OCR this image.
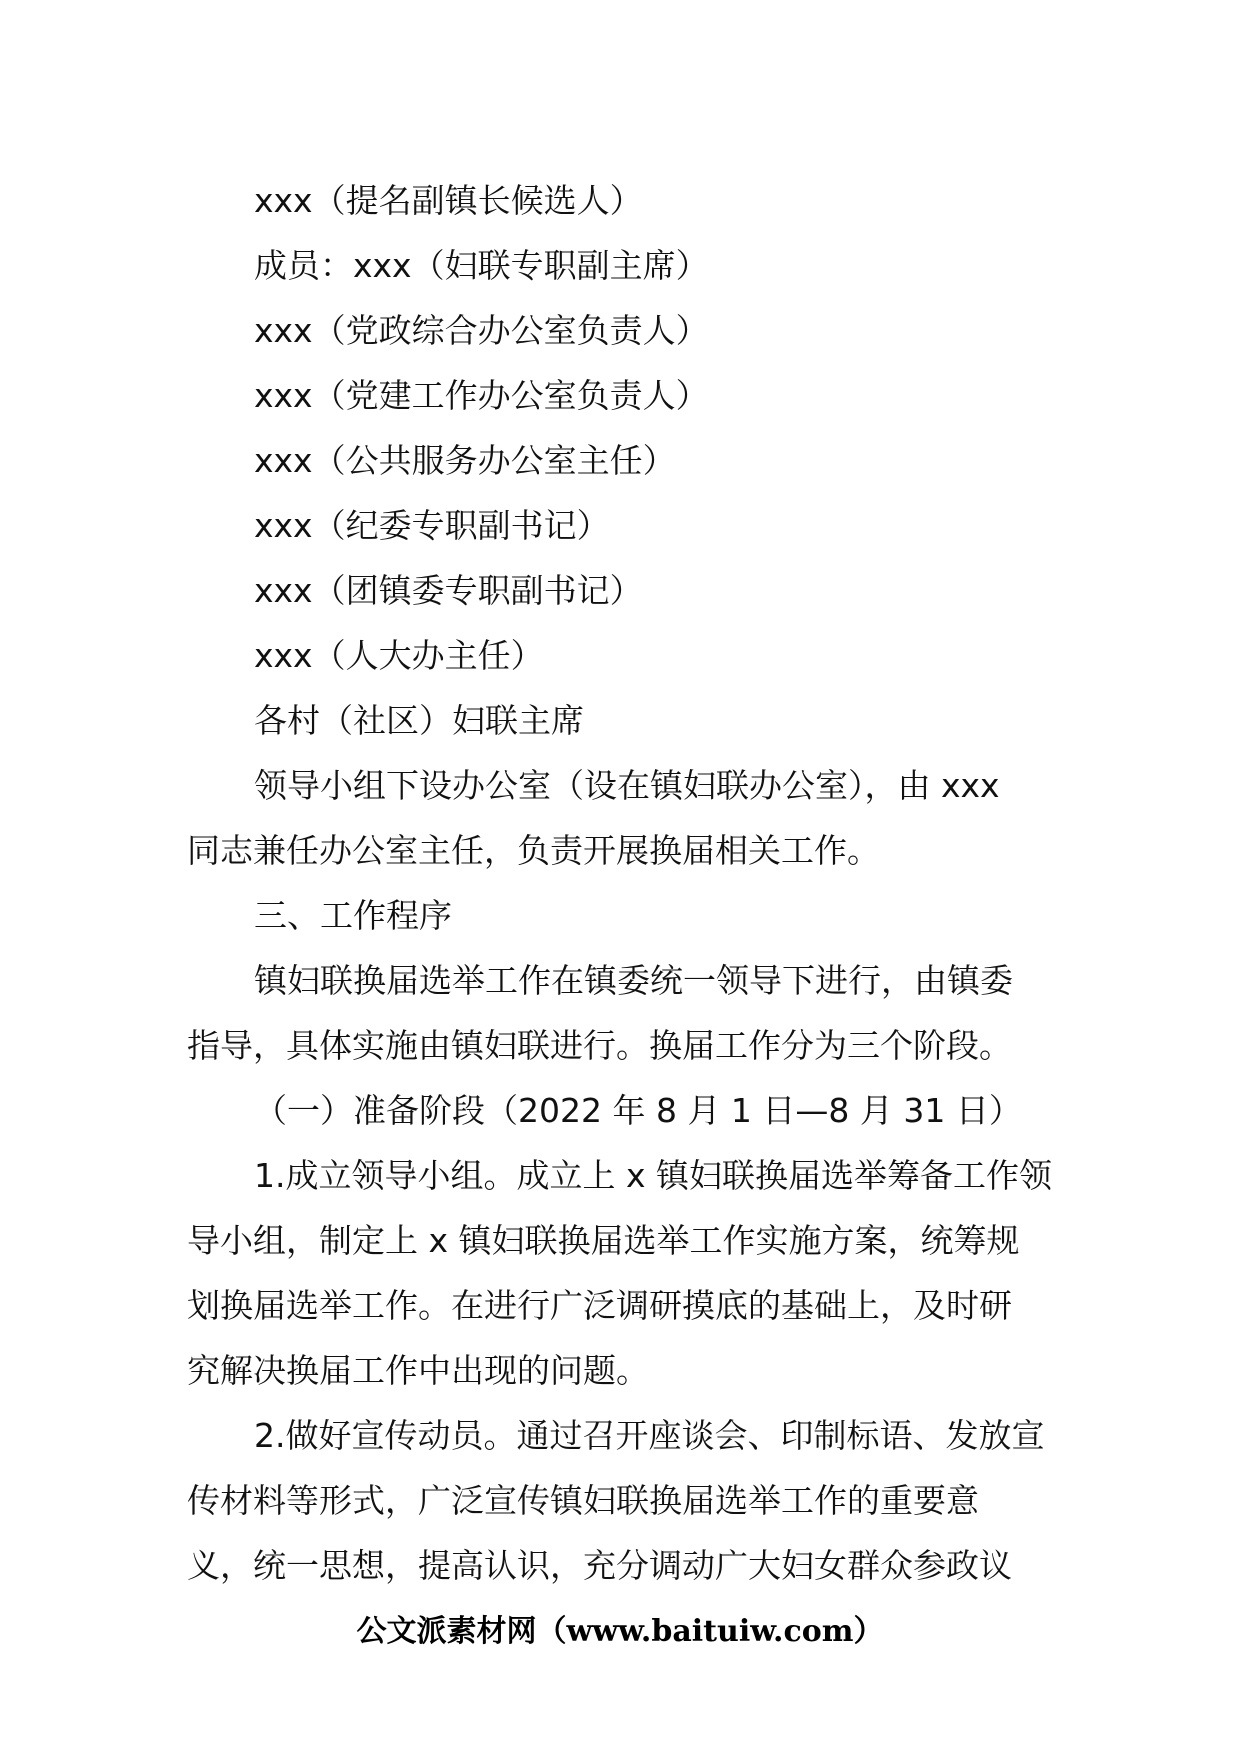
xxx（提名副镇长候选人）

成员：xxx（妇联专职副主席）

xxx（党政综合办公室负责人）

xxx（党建工作办公室负责人）

xxx（公共服务办公室主任）

xxx（纪委专职副书记）

xxx（团镇委专职副书记）

xxx（人大办主任）

各村（社区）妇联主席

领导小组下设办公室（设在镇妇联办公室），由 xxx

同志兼任办公室主任，负责开展换届相关工作。

三、工作程序

镇妇联换届选举工作在镇委统一领导下进行，由镇委

指导，具体实施由镇妇联进行。换届工作分为三个阶段。

（一）准备阶段（2022 年 8 月 1 日—8 月 31 日）

1.成立领导小组。成立上 x 镇妇联换届选举筹备工作领

导小组，制定上 x 镇妇联换届选举工作实施方案，统筹规

划换届选举工作。在进行广泛调研摸底的基础上，及时研

究解决换届工作中出现的问题。

2.做好宣传动员。通过召开座谈会、印制标语、发放宣

传材料等形式，广泛宣传镇妇联换届选举工作的重要意

义，统一思想，提高认识，充分调动广大妇女群众参政议

公文派素材网（www.baituiw.com）
